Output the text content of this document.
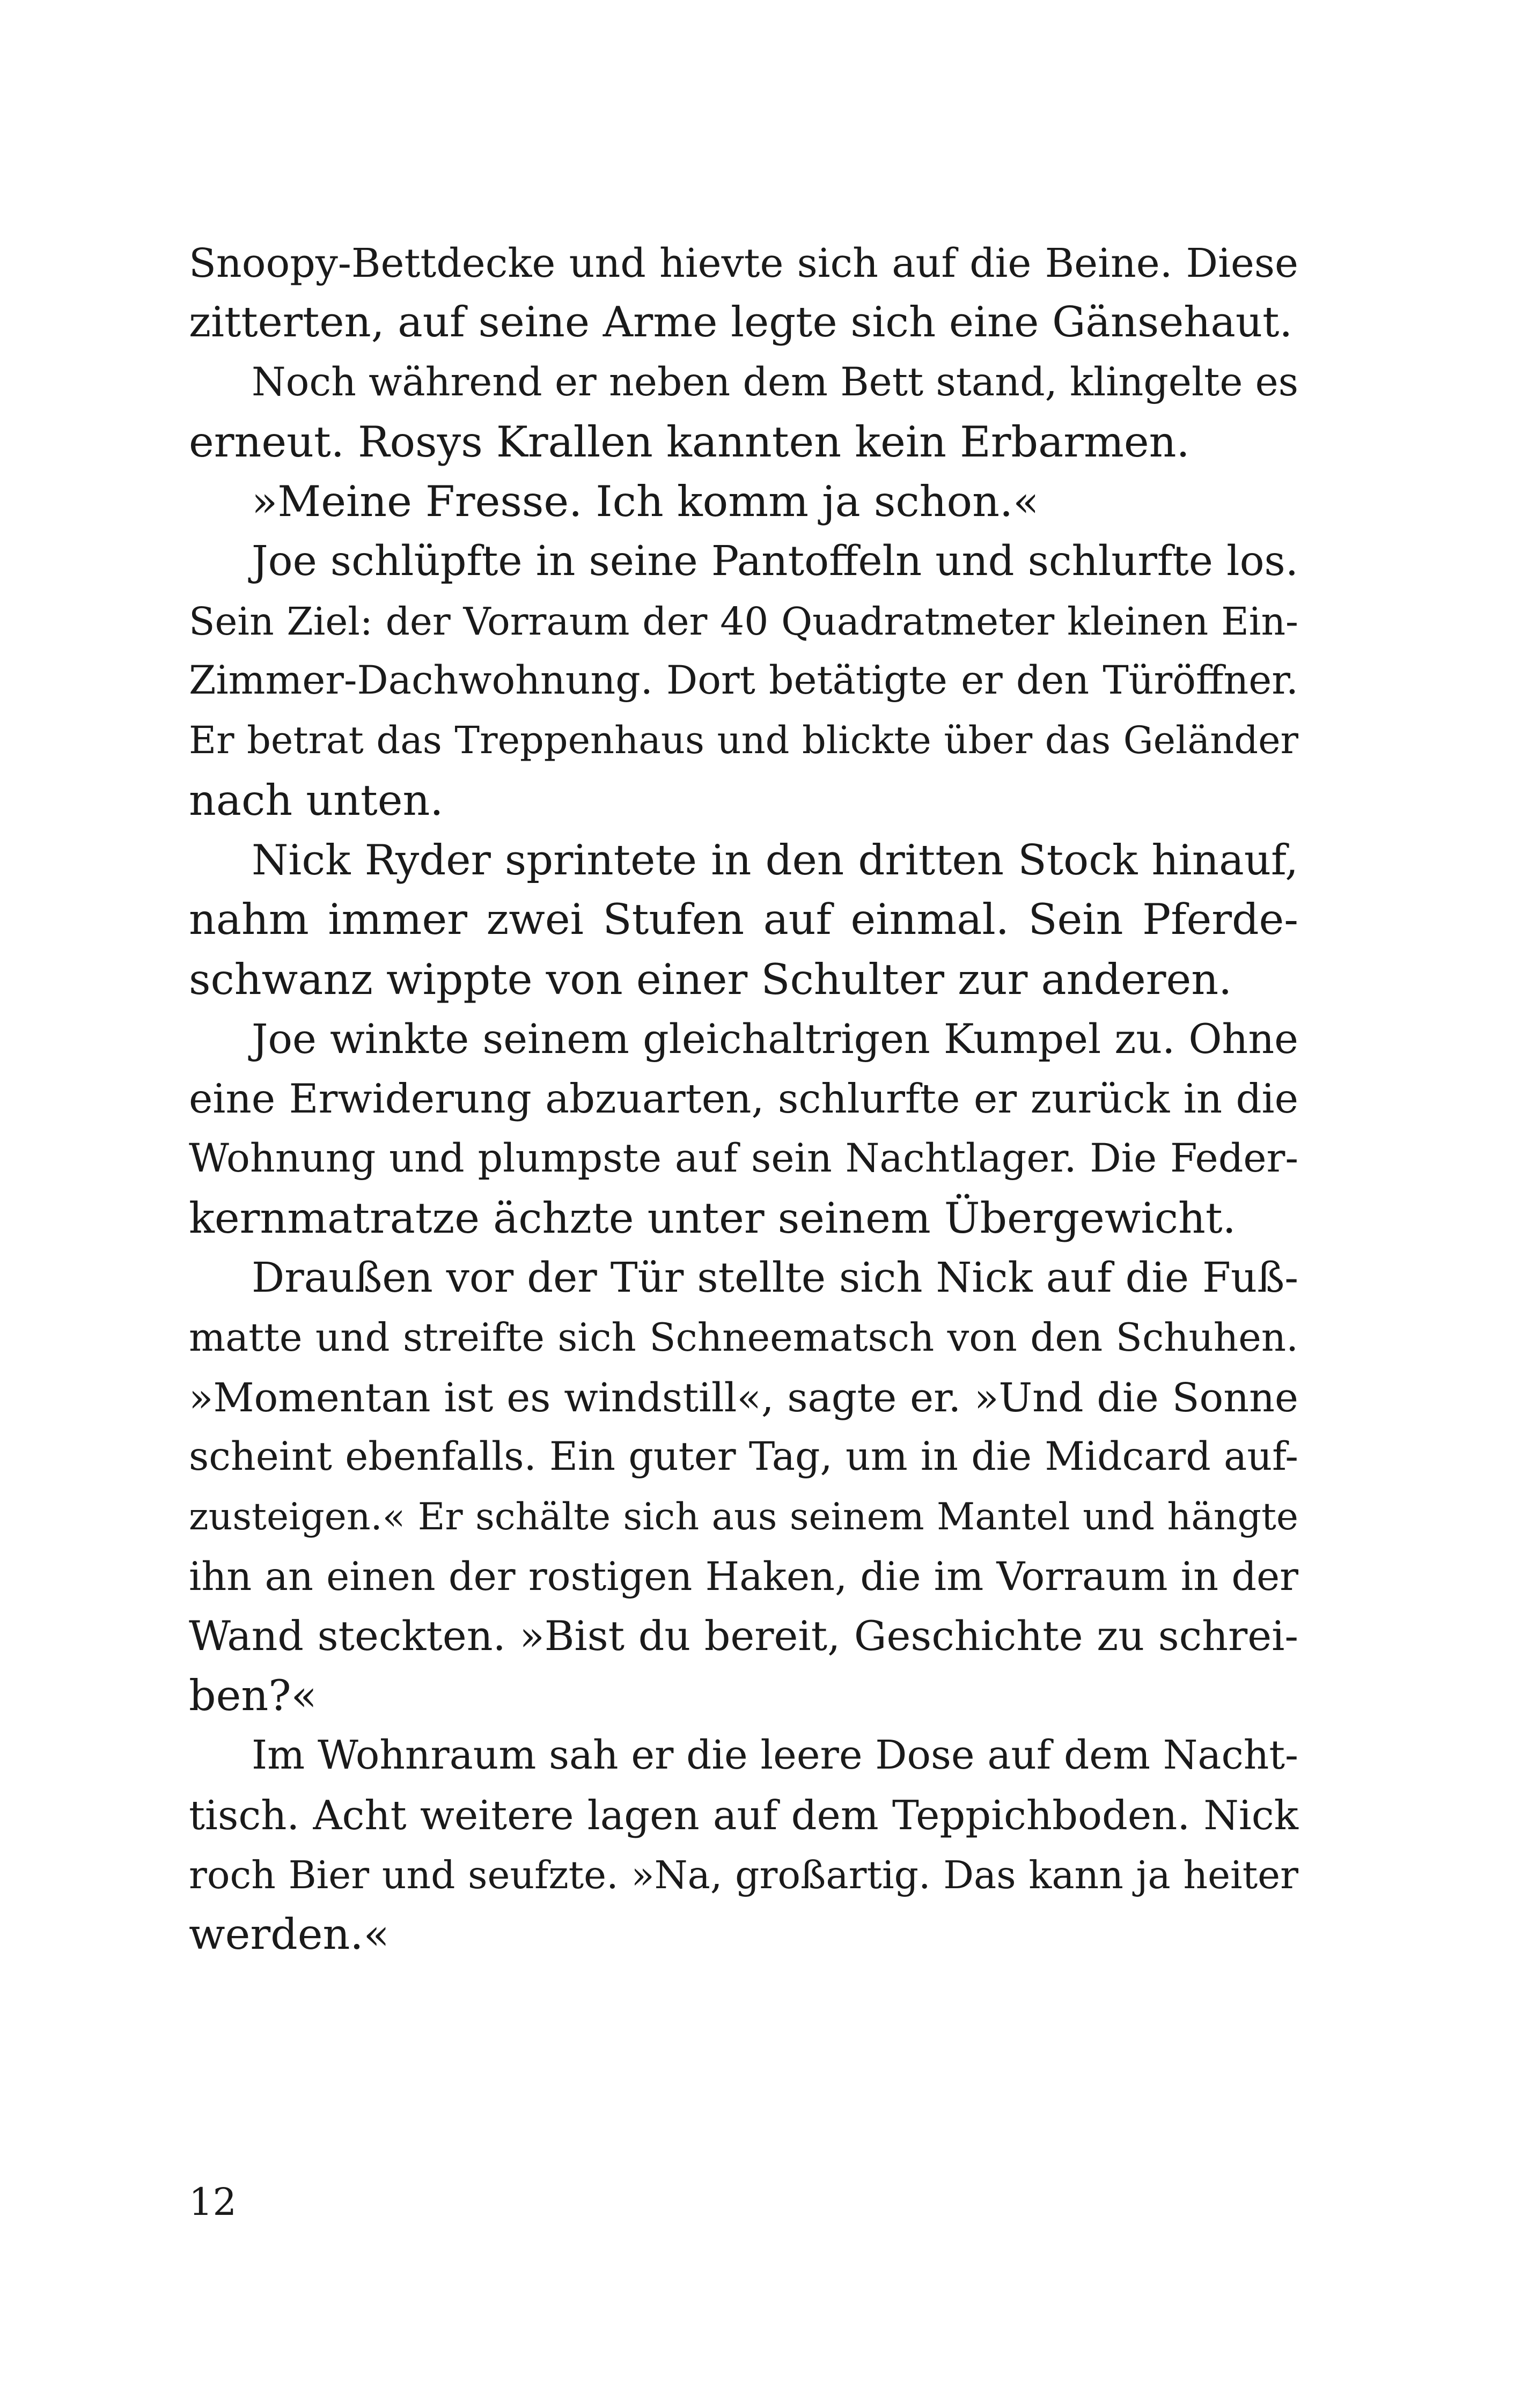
Snoopy-Bettdecke und hievte sich auf die Beine. Diese
zitterten, auf seine Arme legte sich eine Gänsehaut.
Noch während er neben dem Bett stand, klingelte es
erneut. Rosys Krallen kannten kein Erbarmen.
»Meine Fresse. Ich komm ja schon.«
Joe schlüpfte in seine Pantoffeln und schlurfte los.
Sein Ziel: der Vorraum der 40 Quadratmeter kleinen Ein-
Zimmer-Dachwohnung. Dort betätigte er den Türöffner.
Er betrat das Treppenhaus und blickte über das Geländer
nach unten.
Nick Ryder sprintete in den dritten Stock hinauf,
nahm immer zwei Stufen auf einmal. Sein Pferde-
schwanz wippte von einer Schulter zur anderen.
Joe winkte seinem gleichaltrigen Kumpel zu. Ohne
eine Erwiderung abzuarten, schlurfte er zurück in die
Wohnung und plumpste auf sein Nachtlager. Die Feder-
kernmatratze ächzte unter seinem Übergewicht.
Draußen vor der Tür stellte sich Nick auf die Fuß-
matte und streifte sich Schneematsch von den Schuhen.
»Momentan ist es windstill«, sagte er. »Und die Sonne
scheint ebenfalls. Ein guter Tag, um in die Midcard auf-
zusteigen.« Er schälte sich aus seinem Mantel und hängte
ihn an einen der rostigen Haken, die im Vorraum in der
Wand steckten. »Bist du bereit, Geschichte zu schrei-
ben?«
Im Wohnraum sah er die leere Dose auf dem Nacht-
tisch. Acht weitere lagen auf dem Teppichboden. Nick
roch Bier und seufzte. »Na, großartig. Das kann ja heiter
werden.«
12
